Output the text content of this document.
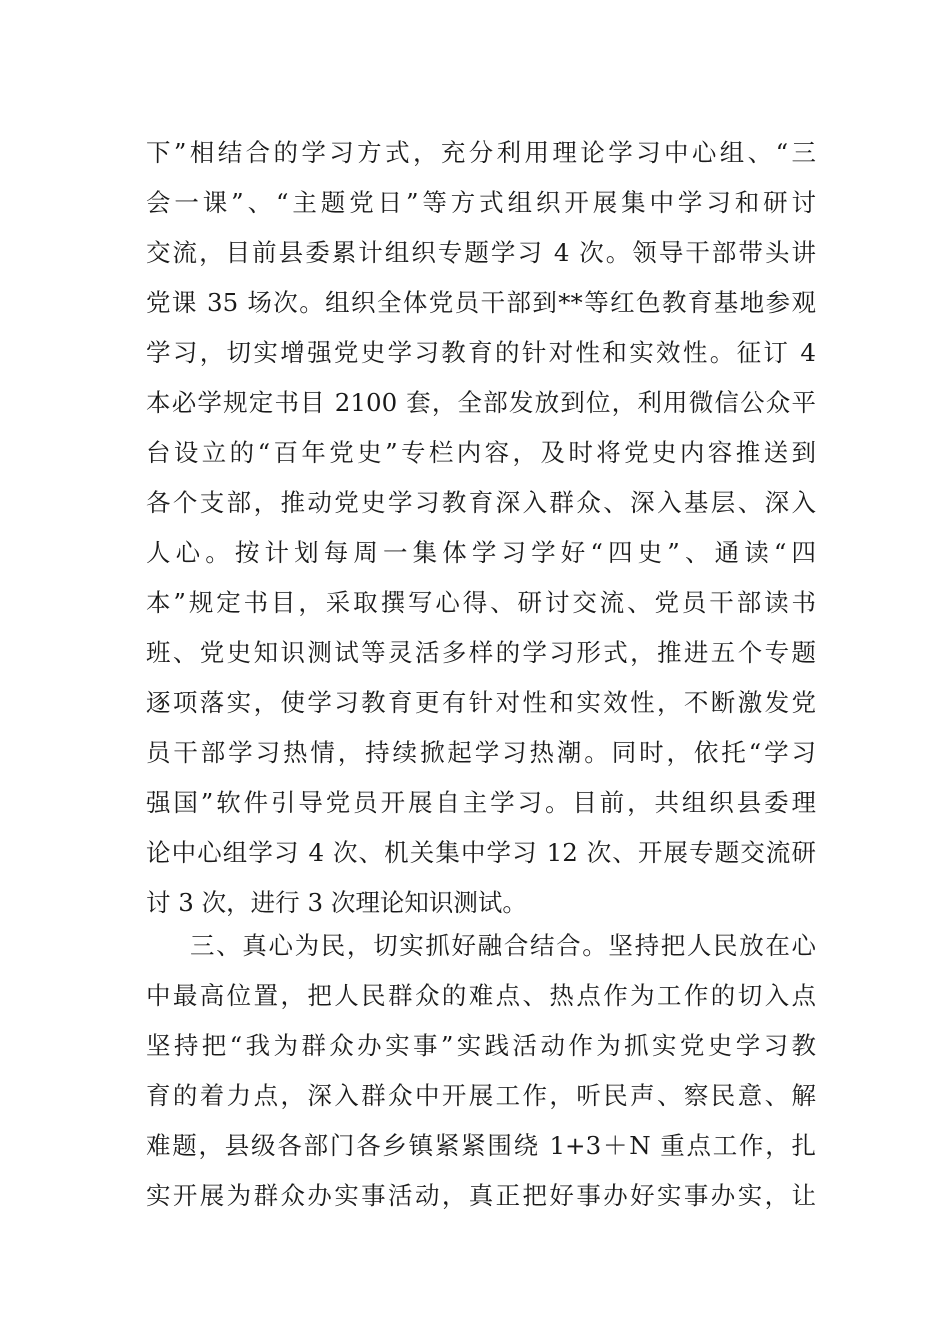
下”相结合的学习方式，充分利用理论学习中心组、“三
会一课”、“主题党日”等方式组织开展集中学习和研讨
交流，目前县委累计组织专题学习 4 次。领导干部带头讲
党课 35 场次。组织全体党员干部到**等红色教育基地参观
学习，切实增强党史学习教育的针对性和实效性。征订 4
本必学规定书目 2100 套，全部发放到位，利用微信公众平
台设立的“百年党史”专栏内容，及时将党史内容推送到
各个支部，推动党史学习教育深入群众、深入基层、深入
人心。按计划每周一集体学习学好“四史”、通读“四
本”规定书目，采取撰写心得、研讨交流、党员干部读书
班、党史知识测试等灵活多样的学习形式，推进五个专题
逐项落实，使学习教育更有针对性和实效性，不断激发党
员干部学习热情，持续掀起学习热潮。同时，依托“学习
强国”软件引导党员开展自主学习。目前，共组织县委理
论中心组学习 4 次、机关集中学习 12 次、开展专题交流研
讨 3 次，进行 3 次理论知识测试。
三、真心为民，切实抓好融合结合。坚持把人民放在心
中最高位置，把人民群众的难点、热点作为工作的切入点
坚持把“我为群众办实事”实践活动作为抓实党史学习教
育的着力点，深入群众中开展工作，听民声、察民意、解
难题，县级各部门各乡镇紧紧围绕 1+3＋N 重点工作，扎
实开展为群众办实事活动，真正把好事办好实事办实，让
